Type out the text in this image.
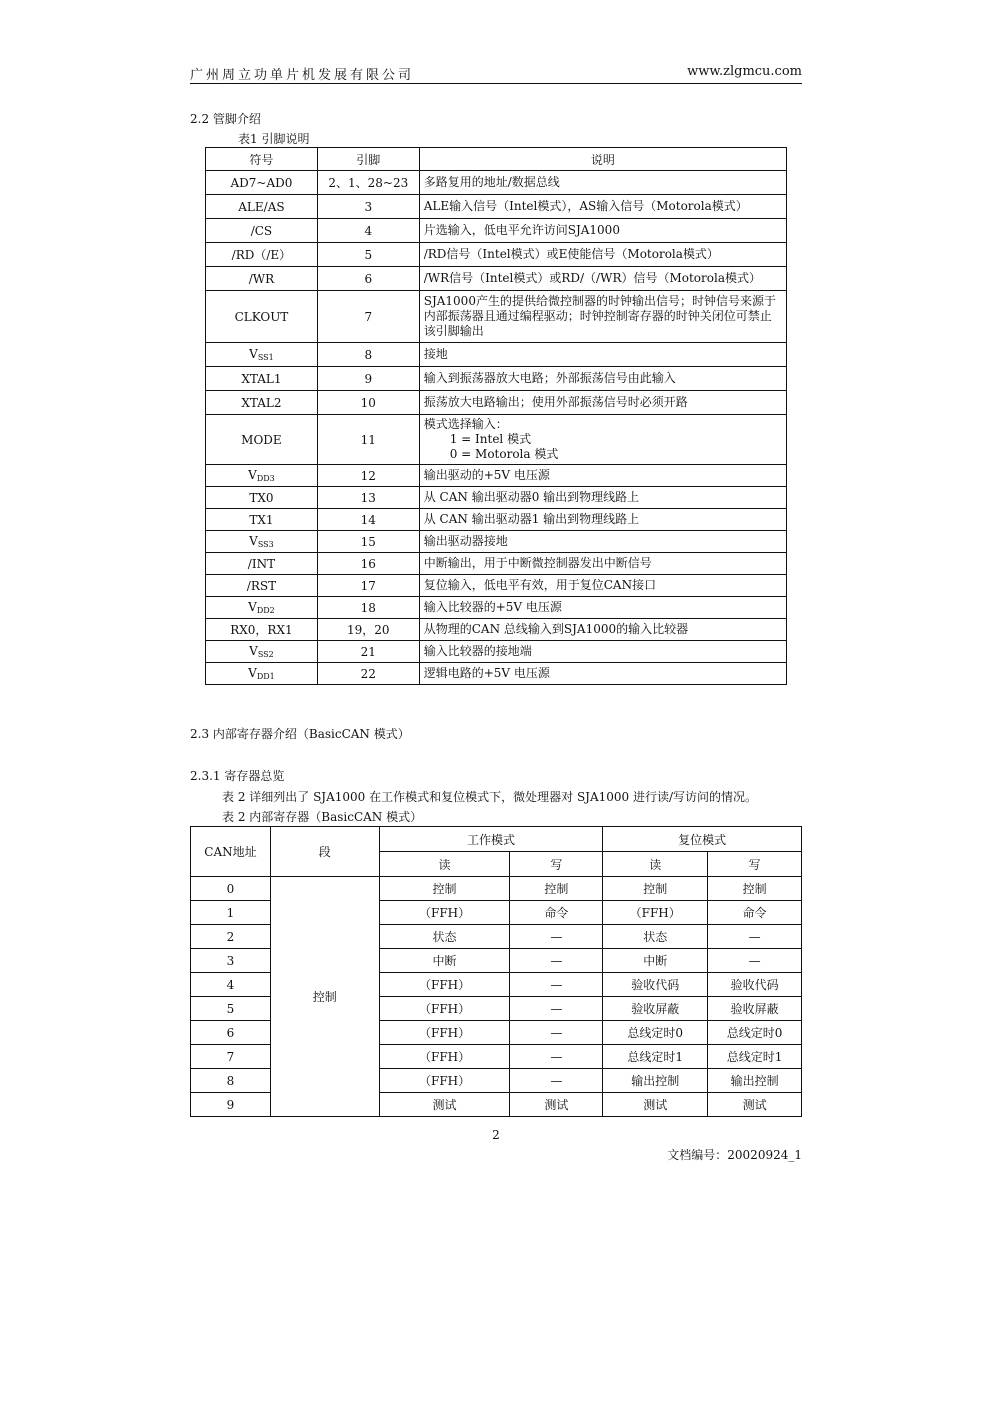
广州周立功单片机发展有限公司	www.zlgmcu.com
2.2 管脚介绍
表1 引脚说明
符号	引脚	说明
AD7~AD0	2、1、28~23	多路复用的地址/数据总线
ALE/AS	3	ALE输入信号（Intel模式），AS输入信号（Motorola模式）
/CS	4	片选输入，低电平允许访问SJA1000
/RD（/E）	5	/RD信号（Intel模式）或E使能信号（Motorola模式）
/WR	6	/WR信号（Intel模式）或RD/（/WR）信号（Motorola模式）
CLKOUT	7	SJA1000产生的提供给微控制器的时钟输出信号；时钟信号来源于内部振荡器且通过编程驱动；时钟控制寄存器的时钟关闭位可禁止该引脚输出
$V_{SS1}$	8	接地
XTAL1	9	输入到振荡器放大电路；外部振荡信号由此输入
XTAL2	10	振荡放大电路输出；使用外部振荡信号时必须开路
MODE	11	模式选择输入：
1 = Intel 模式
0 = Motorola 模式

$V_{DD3}$	12	输出驱动的+5V 电压源
TX0	13	从 CAN 输出驱动器0 输出到物理线路上
TX1	14	从 CAN 输出驱动器1 输出到物理线路上
$V_{SS3}$	15	输出驱动器接地
/INT	16	中断输出，用于中断微控制器发出中断信号
/RST	17	复位输入，低电平有效，用于复位CAN接口
$V_{DD2}$	18	输入比较器的+5V 电压源
RX0，RX1	19，20	从物理的CAN 总线输入到SJA1000的输入比较器
$V_{SS2}$	21	输入比较器的接地端
$V_{DD1}$	22	逻辑电路的+5V 电压源
2.3 内部寄存器介绍（BasicCAN 模式）
2.3.1 寄存器总览
表 2 详细列出了 SJA1000 在工作模式和复位模式下，微处理器对 SJA1000 进行读/写访问的情况。
表 2 内部寄存器（BasicCAN 模式）
CAN地址	段	工作模式		复位模式	
		读	写	读	写
0	控制	控制	控制	控制	控制
1		（FFH）	命令	（FFH）	命令
2		状态	—	状态	—
3		中断	—	中断	—
4		（FFH）	—	验收代码	验收代码
5		（FFH）	—	验收屏蔽	验收屏蔽
6		（FFH）	—	总线定时0	总线定时0
7		（FFH）	—	总线定时1	总线定时1
8		（FFH）	—	输出控制	输出控制
9		测试	测试	测试	测试
2
文档编号：20020924_1
